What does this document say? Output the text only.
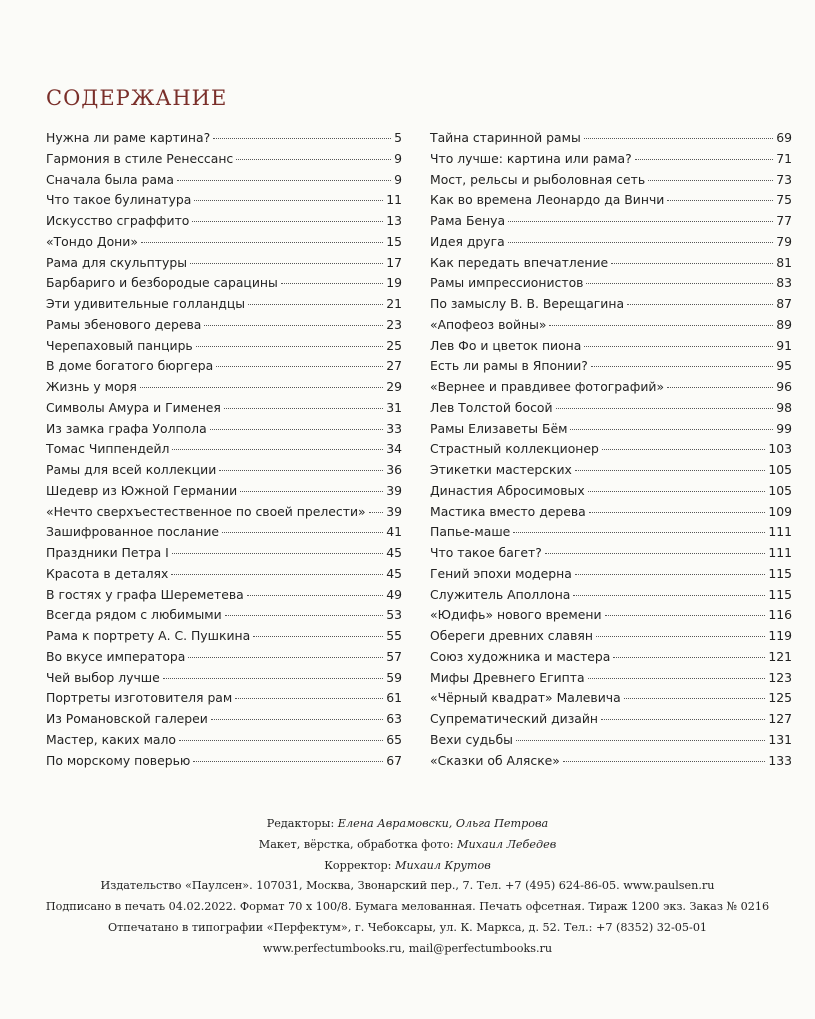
СОДЕРЖАНИЕ
Нужна ли раме картина?	5
Гармония в стиле Ренессанс	9
Сначала была рама	9
Что такое булинатура	11
Искусство сграффито	13
«Тондо Дони»	15
Рама для скульптуры	17
Барбариго и безбородые сарацины	19
Эти удивительные голландцы	21
Рамы эбенового дерева	23
Черепаховый панцирь	25
В доме богатого бюргера	27
Жизнь у моря	29
Символы Амура и Гименея	31
Из замка графа Уолпола	33
Томас Чиппендейл	34
Рамы для всей коллекции	36
Шедевр из Южной Германии	39
«Нечто сверхъестественное по своей прелести» 39
Зашифрованное послание	41
Праздники Петра I	45
Красота в деталях	45
В гостях у графа Шереметева	49
Всегда рядом с любимыми	53
Рама к портрету А. С. Пушкина	55
Во вкусе императора	57
Чей выбор лучше	59
Портреты изготовителя рам	61
Из Романовской галереи	63
Мастер, каких мало	65
По морскому поверью	67
Тайна старинной рамы	69
Что лучше: картина или рама?	71
Мост, рельсы и рыболовная сеть	73
Как во времена Леонардо да Винчи	75
Рама Бенуа	77
Идея друга	79
Как передать впечатление	81
Рамы импрессионистов	83
По замыслу В. В. Верещагина	87
«Апофеоз войны»	89
Лев Фо и цветок пиона	91
Есть ли рамы в Японии?	95
«Вернее и правдивее фотографий»	96
Лев Толстой босой	98
Рамы Елизаветы Бём	99
Страстный коллекционер	103
Этикетки мастерских	105
Династия Абросимовых	105
Мастика вместо дерева	109
Папье-маше	111
Что такое багет?	111
Гений эпохи модерна	115
Служитель Аполлона	115
«Юдифь» нового времени	116
Обереги древних славян	119
Союз художника и мастера	121
Мифы Древнего Египта	123
«Чёрный квадрат» Малевича	125
Супрематический дизайн	127
Вехи судьбы	131
«Сказки об Аляске»	133
Редакторы: Елена Аврамовски, Ольга Петрова
Макет, вёрстка, обработка фото: Михаил Лебедев
Корректор: Михаил Крутов
Издательство «Паулсен». 107031, Москва, Звонарский пер., 7. Тел. +7 (495) 624-86-05. www.paulsen.ru
Подписано в печать 04.02.2022. Формат 70 х 100/8. Бумага мелованная. Печать офсетная. Тираж 1200 экз. Заказ № 0216
Отпечатано в типографии «Перфектум», г. Чебоксары, ул. К. Маркса, д. 52. Тел.: +7 (8352) 32-05-01
www.perfectumbooks.ru, mail@perfectumbooks.ru
